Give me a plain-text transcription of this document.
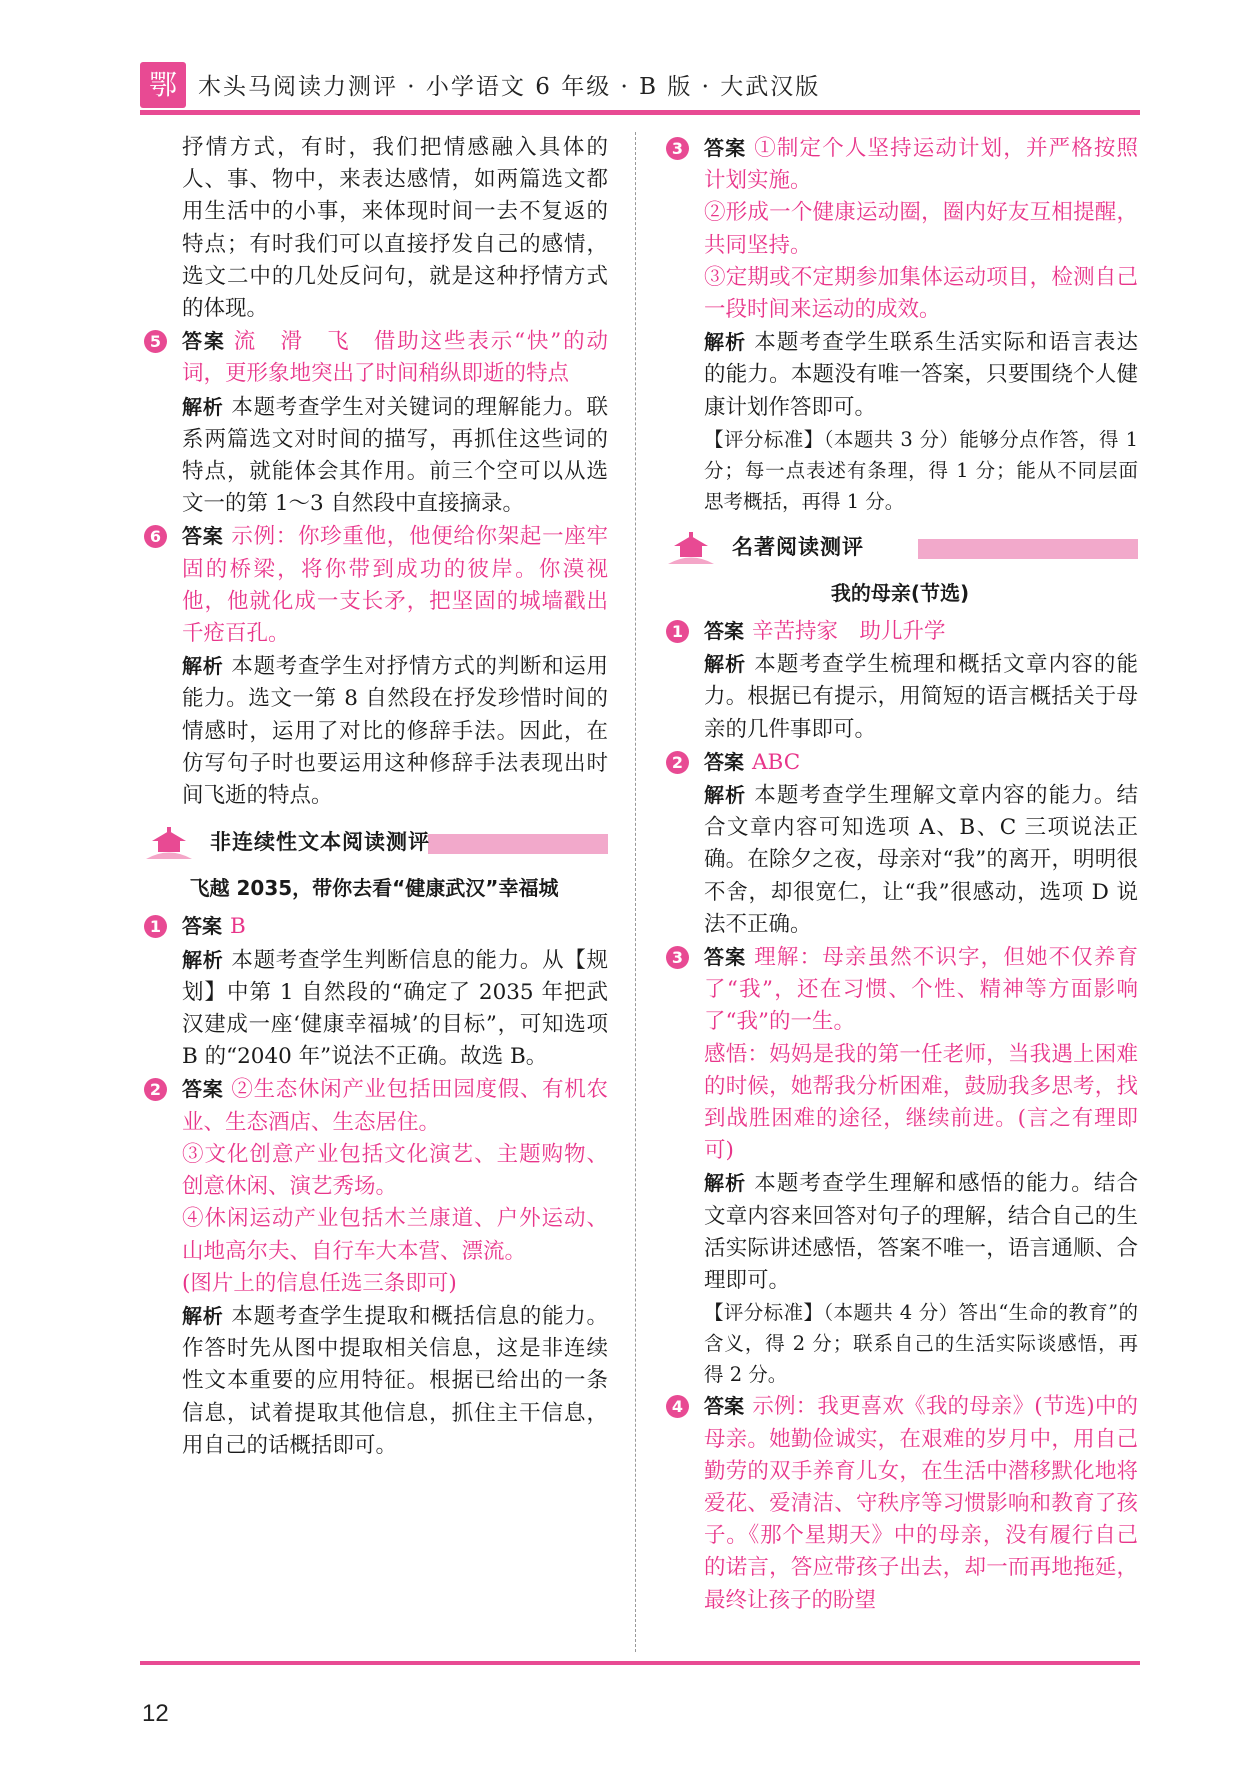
鄂 木头马阅读力测评 · 小学语文 6 年级 · B 版 · 大武汉版

抒情方式，有时，我们把情感融入具体的人、事、物中，来表达感情，如两篇选文都用生活中的小事，来体现时间一去不复返的特点；有时我们可以直接抒发自己的感情，选文二中的几处反问句，就是这种抒情方式的体现。

5 答案 流　滑　飞　借助这些表示“快”的动词，更形象地突出了时间稍纵即逝的特点

解析 本题考查学生对关键词的理解能力。联系两篇选文对时间的描写，再抓住这些词的特点，就能体会其作用。前三个空可以从选文一的第 1～3 自然段中直接摘录。

6 答案 示例：你珍重他，他便给你架起一座牢固的桥梁，将你带到成功的彼岸。你漠视他，他就化成一支长矛，把坚固的城墙戳出千疮百孔。

解析 本题考查学生对抒情方式的判断和运用能力。选文一第 8 自然段在抒发珍惜时间的情感时，运用了对比的修辞手法。因此，在仿写句子时也要运用这种修辞手法表现出时间飞逝的特点。

非连续性文本阅读测评
飞越 2035，带你去看“健康武汉”幸福城
1 答案 B

解析 本题考查学生判断信息的能力。从【规划】中第 1 自然段的“确定了 2035 年把武汉建成一座‘健康幸福城’的目标”，可知选项 B 的“2040 年”说法不正确。故选 B。

2 答案 ②生态休闲产业包括田园度假、有机农业、生态酒店、生态居住。

③文化创意产业包括文化演艺、主题购物、创意休闲、演艺秀场。

④休闲运动产业包括木兰康道、户外运动、山地高尔夫、自行车大本营、漂流。

(图片上的信息任选三条即可)

解析 本题考查学生提取和概括信息的能力。作答时先从图中提取相关信息，这是非连续性文本重要的应用特征。根据已给出的一条信息，试着提取其他信息，抓住主干信息，用自己的话概括即可。

3 答案 ①制定个人坚持运动计划，并严格按照计划实施。

②形成一个健康运动圈，圈内好友互相提醒，共同坚持。

③定期或不定期参加集体运动项目，检测自己一段时间来运动的成效。

解析 本题考查学生联系生活实际和语言表达的能力。本题没有唯一答案，只要围绕个人健康计划作答即可。

【评分标准】（本题共 3 分）能够分点作答，得 1 分；每一点表述有条理，得 1 分；能从不同层面思考概括，再得 1 分。

名著阅读测评
我的母亲(节选)
1 答案 辛苦持家　助儿升学

解析 本题考查学生梳理和概括文章内容的能力。根据已有提示，用简短的语言概括关于母亲的几件事即可。

2 答案 ABC

解析 本题考查学生理解文章内容的能力。结合文章内容可知选项 A、B、C 三项说法正确。在除夕之夜，母亲对“我”的离开，明明很不舍，却很宽仁，让“我”很感动，选项 D 说法不正确。

3 答案 理解：母亲虽然不识字，但她不仅养育了“我”，还在习惯、个性、精神等方面影响了“我”的一生。

感悟：妈妈是我的第一任老师，当我遇上困难的时候，她帮我分析困难，鼓励我多思考，找到战胜困难的途径，继续前进。(言之有理即可)

解析 本题考查学生理解和感悟的能力。结合文章内容来回答对句子的理解，结合自己的生活实际讲述感悟，答案不唯一，语言通顺、合理即可。

【评分标准】（本题共 4 分）答出“生命的教育”的含义，得 2 分；联系自己的生活实际谈感悟，再得 2 分。

4 答案 示例：我更喜欢《我的母亲》(节选)中的母亲。她勤俭诚实，在艰难的岁月中，用自己勤劳的双手养育儿女，在生活中潜移默化地将爱花、爱清洁、守秩序等习惯影响和教育了孩子。《那个星期天》中的母亲，没有履行自己的诺言，答应带孩子出去，却一而再地拖延，最终让孩子的盼望

12
